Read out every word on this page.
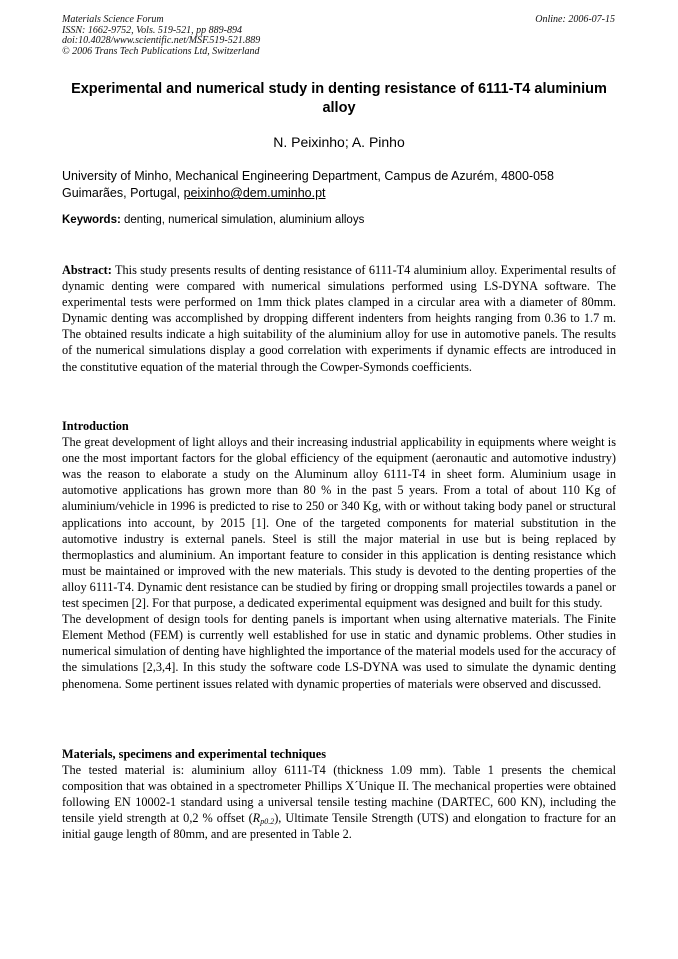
Materials Science Forum
ISSN: 1662-9752, Vols. 519-521, pp 889-894
doi:10.4028/www.scientific.net/MSF.519-521.889
© 2006 Trans Tech Publications Ltd, Switzerland
Online: 2006-07-15
Experimental and numerical study in denting resistance of 6111-T4 aluminium alloy
N. Peixinho; A. Pinho
University of Minho, Mechanical Engineering Department, Campus de Azurém, 4800-058 Guimarães, Portugal, peixinho@dem.uminho.pt
Keywords: denting, numerical simulation, aluminium alloys

Abstract: This study presents results of denting resistance of 6111-T4 aluminium alloy. Experimental results of dynamic denting were compared with numerical simulations performed using LS-DYNA software. The experimental tests were performed on 1mm thick plates clamped in a circular area with a diameter of 80mm. Dynamic denting was accomplished by dropping different indenters from heights ranging from 0.36 to 1.7 m. The obtained results indicate a high suitability of the aluminium alloy for use in automotive panels. The results of the numerical simulations display a good correlation with experiments if dynamic effects are introduced in the constitutive equation of the material through the Cowper-Symonds coefficients.

Introduction

The great development of light alloys and their increasing industrial applicability in equipments where weight is one the most important factors for the global efficiency of the equipment (aeronautic and automotive industry) was the reason to elaborate a study on the Aluminum alloy 6111-T4 in sheet form. Aluminium usage in automotive applications has grown more than 80 % in the past 5 years. From a total of about 110 Kg of aluminium/vehicle in 1996 is predicted to rise to 250 or 340 Kg, with or without taking body panel or structural applications into account, by 2015 [1]. One of the targeted components for material substitution in the automotive industry is external panels. Steel is still the major material in use but is being replaced by thermoplastics and aluminium. An important feature to consider in this application is denting resistance which must be maintained or improved with the new materials. This study is devoted to the denting properties of the alloy 6111-T4. Dynamic dent resistance can be studied by firing or dropping small projectiles towards a panel or test specimen [2]. For that purpose, a dedicated experimental equipment was designed and built for this study.

The development of design tools for denting panels is important when using alternative materials. The Finite Element Method (FEM) is currently well established for use in static and dynamic problems. Other studies in numerical simulation of denting have highlighted the importance of the material models used for the accuracy of the simulations [2,3,4]. In this study the software code LS-DYNA was used to simulate the dynamic denting phenomena. Some pertinent issues related with dynamic properties of materials were observed and discussed.

Materials, specimens and experimental techniques

The tested material is: aluminium alloy 6111-T4 (thickness 1.09 mm). Table 1 presents the chemical composition that was obtained in a spectrometer Phillips X´Unique II. The mechanical properties were obtained following EN 10002-1 standard using a universal tensile testing machine (DARTEC, 600 KN), including the tensile yield strength at 0,2 % offset $(R_{p0.2})$, Ultimate Tensile Strength (UTS) and elongation to fracture for an initial gauge length of 80mm, and are presented in Table 2.
